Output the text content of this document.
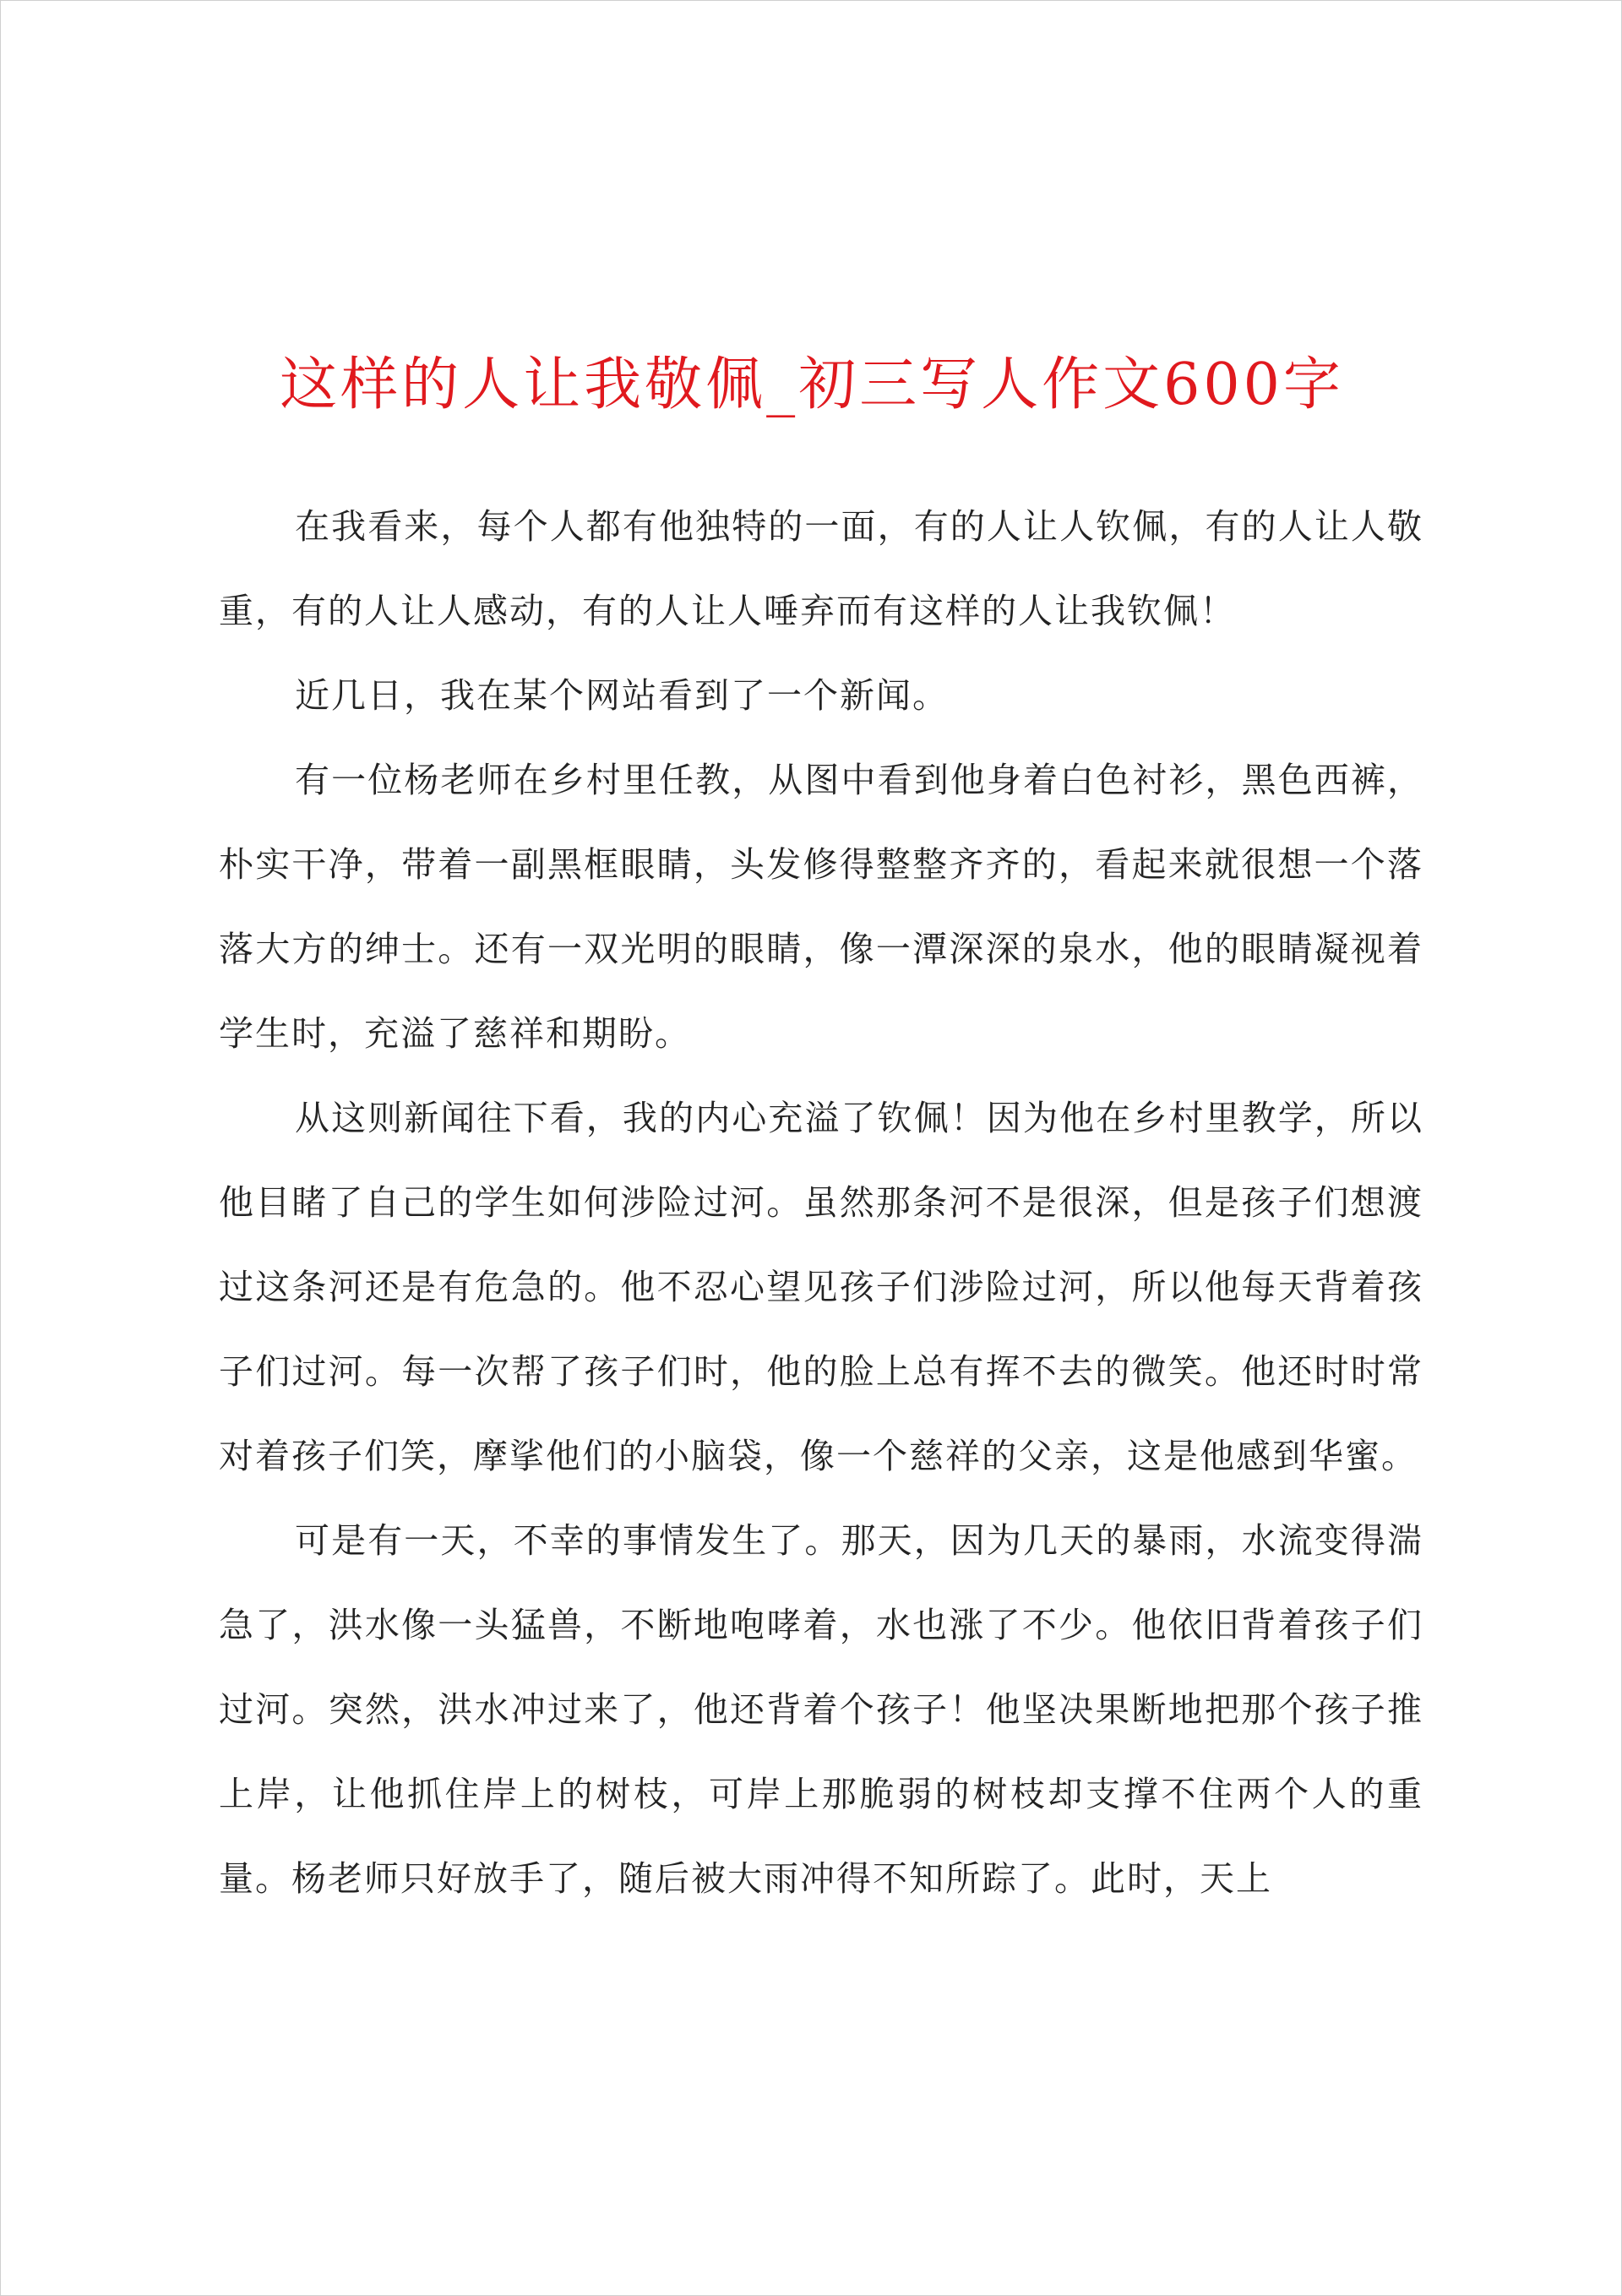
这样的人让我敬佩_初三写人作文600字

在我看来，每个人都有他独特的一面，有的人让人钦佩，有的人让人敬重，有的人让人感动，有的人让人唾弃而有这样的人让我钦佩！

近几日，我在某个网站看到了一个新闻。

有一位杨老师在乡村里任教，从图中看到他身着白色衬衫，黑色西裤，朴实干净，带着一副黑框眼睛，头发修得整整齐齐的，看起来就很想一个落落大方的绅士。还有一双光明的眼睛，像一潭深深的泉水，他的眼睛凝视着学生时，充溢了慈祥和期盼。

从这则新闻往下看，我的内心充溢了钦佩！因为他在乡村里教学，所以他目睹了自己的学生如何涉险过河。虽然那条河不是很深，但是孩子们想渡过这条河还是有危急的。他不忍心望见孩子们涉险过河，所以他每天背着孩子们过河。每一次帮了孩子们时，他的脸上总有挥不去的微笑。他还时时常对着孩子们笑，摩挲他们的小脑袋，像一个慈祥的父亲，这是他感到华蜜。

可是有一天，不幸的事情发生了。那天，因为几天的暴雨，水流变得湍急了，洪水像一头猛兽，不断地咆哮着，水也涨了不少。他依旧背着孩子们过河。突然，洪水冲过来了，他还背着个孩子！他坚决果断地把那个孩子推上岸，让他抓住岸上的树枝，可岸上那脆弱的树枝却支撑不住两个人的重量。杨老师只好放手了，随后被大雨冲得不知所踪了。此时，天上
